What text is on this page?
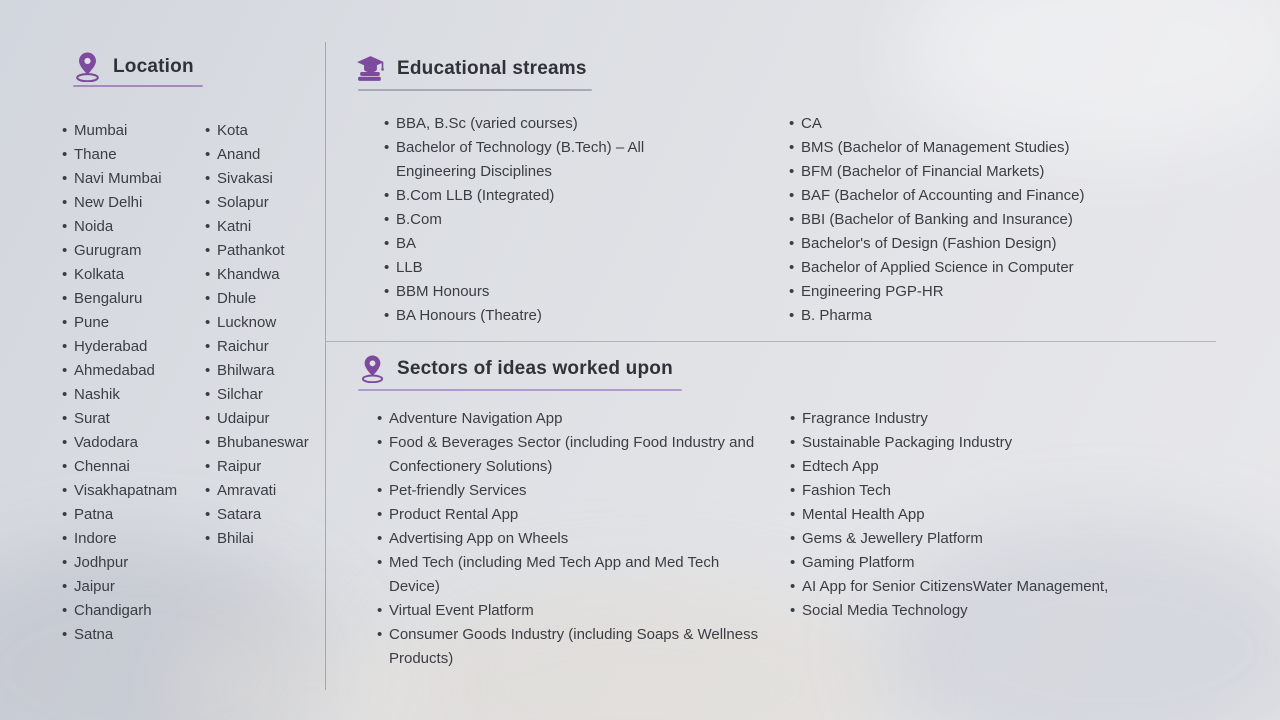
Location
• Mumbai
• Thane
• Navi Mumbai
• New Delhi
• Noida
• Gurugram
• Kolkata
• Bengaluru
• Pune
• Hyderabad
• Ahmedabad
• Nashik
• Surat
• Vadodara
• Chennai
• Visakhapatnam
• Patna
• Indore
• Jodhpur
• Jaipur
• Chandigarh
• Satna
• Kota
• Anand
• Sivakasi
• Solapur
• Katni
• Pathankot
• Khandwa
• Dhule
• Lucknow
• Raichur
• Bhilwara
• Silchar
• Udaipur
• Bhubaneswar
• Raipur
• Amravati
• Satara
• Bhilai
Educational streams
• BBA, B.Sc (varied courses)
• Bachelor of Technology (B.Tech) – All Engineering Disciplines
• B.Com LLB (Integrated)
• B.Com
• BA
• LLB
• BBM Honours
• BA Honours (Theatre)
• CA
• BMS (Bachelor of Management Studies)
• BFM (Bachelor of Financial Markets)
• BAF (Bachelor of Accounting and Finance)
• BBI (Bachelor of Banking and Insurance)
• Bachelor's of Design (Fashion Design)
• Bachelor of Applied Science in Computer
• Engineering PGP-HR
• B. Pharma
Sectors of ideas worked upon
• Adventure Navigation App
• Food & Beverages Sector (including Food Industry and Confectionery Solutions)
• Pet-friendly Services
• Product Rental App
• Advertising App on Wheels
• Med Tech (including Med Tech App and Med Tech Device)
• Virtual Event Platform
• Consumer Goods Industry (including Soaps & Wellness Products)
• Fragrance Industry
• Sustainable Packaging Industry
• Edtech App
• Fashion Tech
• Mental Health App
• Gems & Jewellery Platform
• Gaming Platform
• AI App for Senior CitizensWater Management,
• Social Media Technology
